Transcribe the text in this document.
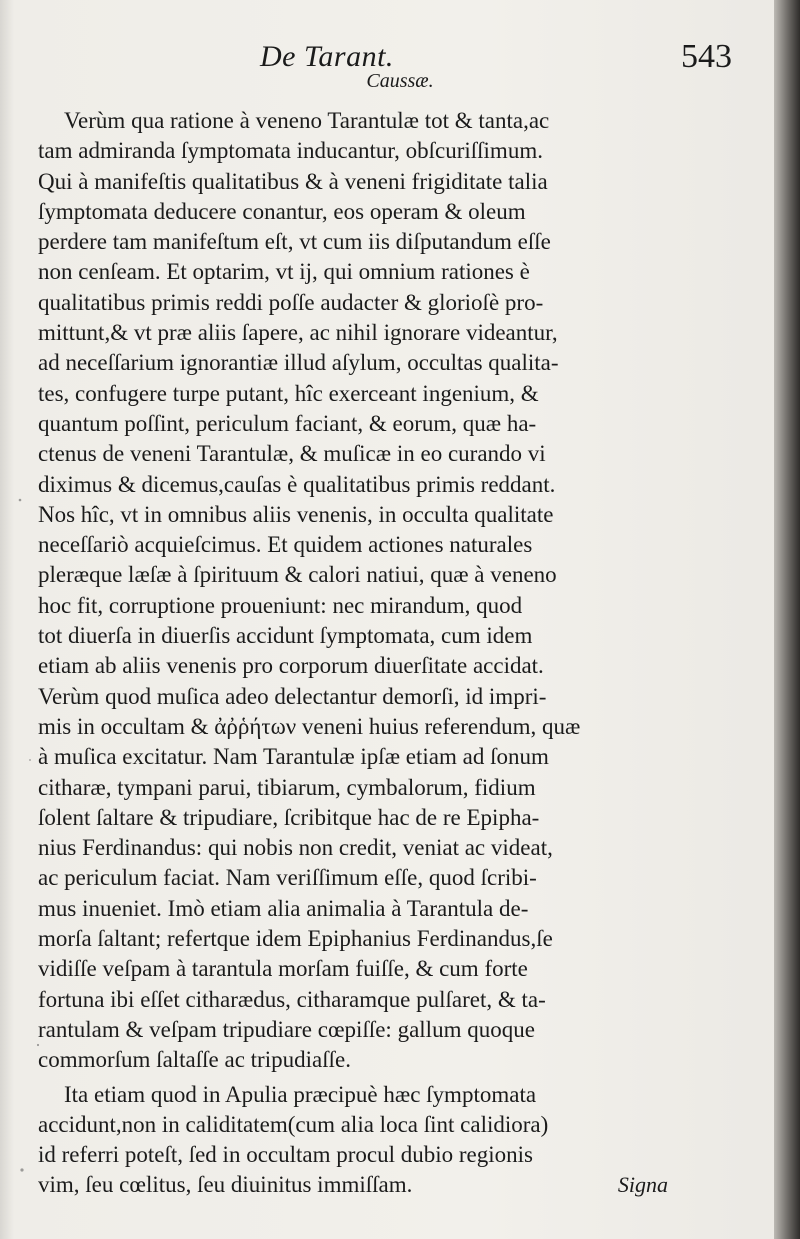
De Tarant.	543
Caussæ.
Verùm qua ratione à veneno Tarantulæ tot & tanta,ac
tam admiranda ſymptomata inducantur, obſcuriſſimum.
Qui à manifeſtis qualitatibus & à veneni frigiditate talia
ſymptomata deducere conantur, eos operam & oleum
perdere tam manifeſtum eſt, vt cum iis diſputandum eſſe
non cenſeam. Et optarim, vt ij, qui omnium rationes è
qualitatibus primis reddi poſſe audacter & glorioſè pro-
mittunt,& vt præ aliis ſapere, ac nihil ignorare videantur,
ad neceſſarium ignorantiæ illud aſylum, occultas qualita-
tes, confugere turpe putant, hîc exerceant ingenium, &
quantum poſſint, periculum faciant, & eorum, quæ ha-
ctenus de veneni Tarantulæ, & muſicæ in eo curando vi
diximus & dicemus,cauſas è qualitatibus primis reddant.
Nos hîc, vt in omnibus aliis venenis, in occulta qualitate
neceſſariò acquieſcimus. Et quidem actiones naturales
pleræque læſæ à ſpirituum & calori natiui, quæ à veneno
hoc fit, corruptione proueniunt: nec mirandum, quod
tot diuerſa in diuerſis accidunt ſymptomata, cum idem
etiam ab aliis venenis pro corporum diuerſitate accidat.
Verùm quod muſica adeo delectantur demorſi, id impri-
mis in occultam & ἀῤῥήτων veneni huius referendum, quæ
à muſica excitatur. Nam Tarantulæ ipſæ etiam ad ſonum
citharæ, tympani parui, tibiarum, cymbalorum, fidium
ſolent ſaltare & tripudiare, ſcribitque hac de re Epipha-
nius Ferdinandus: qui nobis non credit, veniat ac videat,
ac periculum faciat. Nam veriſſimum eſſe, quod ſcribi-
mus inueniet. Imò etiam alia animalia à Tarantula de-
morſa ſaltant; refertque idem Epiphanius Ferdinandus,ſe
vidiſſe veſpam à tarantula morſam fuiſſe, & cum forte
fortuna ibi eſſet citharædus, citharamque pulſaret, & ta-
rantulam & veſpam tripudiare cœpiſſe: gallum quoque
commorſum ſaltaſſe ac tripudiaſſe.
Ita etiam quod in Apulia præcipuè hæc ſymptomata
accidunt,non in caliditatem(cum alia loca ſint calidiora)
id referri poteſt, ſed in occultam procul dubio regionis
vim, ſeu cœlitus, ſeu diuinitus immiſſam.	Signa
